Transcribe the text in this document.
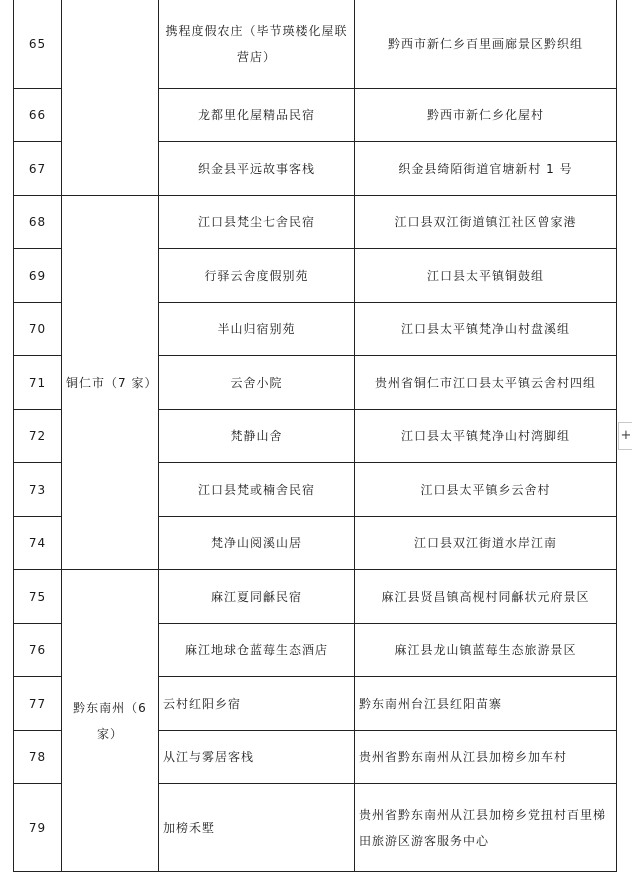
65		携程度假农庄（毕节瑛楼化屋联营店）	黔西市新仁乡百里画廊景区黔织组
66		龙都里化屋精品民宿	黔西市新仁乡化屋村
67		织金县平远故事客栈	织金县绮陌街道官塘新村 1 号
68	铜仁市（7 家）	江口县梵尘七舍民宿	江口县双江街道镇江社区曾家港
69		行驿云舍度假别苑	江口县太平镇铜鼓组
70		半山归宿别苑	江口县太平镇梵净山村盘溪组
71		云舍小院	贵州省铜仁市江口县太平镇云舍村四组
72		梵静山舍	江口县太平镇梵净山村湾脚组
73		江口县梵或楠舍民宿	江口县太平镇乡云舍村
74		梵净山阅溪山居	江口县双江街道水岸江南
75	黔东南州（6 家）	麻江夏同龢民宿	麻江县贤昌镇高枧村同龢状元府景区
76		麻江地球仓蓝莓生态酒店	麻江县龙山镇蓝莓生态旅游景区
77		云村红阳乡宿	黔东南州台江县红阳苗寨
78		从江与雾居客栈	贵州省黔东南州从江县加榜乡加车村
79		加榜禾墅	贵州省黔东南州从江县加榜乡党扭村百里梯田旅游区游客服务中心
+
